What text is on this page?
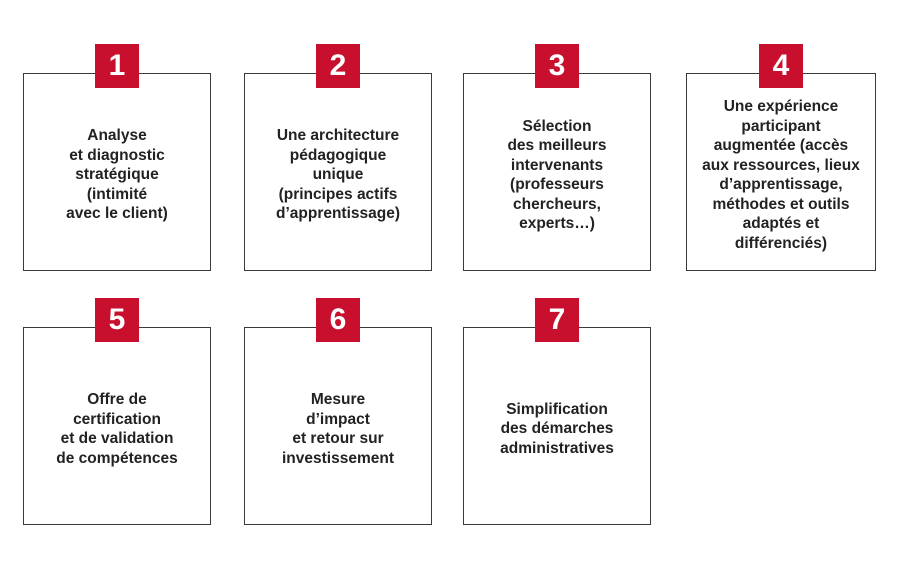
1
Analyse
et diagnostic
stratégique
(intimité
avec le client)
2
Une architecture
pédagogique
unique
(principes actifs
d’apprentissage)
3
Sélection
des meilleurs
intervenants
(professeurs
chercheurs,
experts…)
4
Une expérience
participant
augmentée (accès
aux ressources, lieux
d’apprentissage,
méthodes et outils
adaptés et
différenciés)
5
Offre de
certification
et de validation
de compétences
6
Mesure
d’impact
et retour sur
investissement
7
Simplification
des démarches
administratives
